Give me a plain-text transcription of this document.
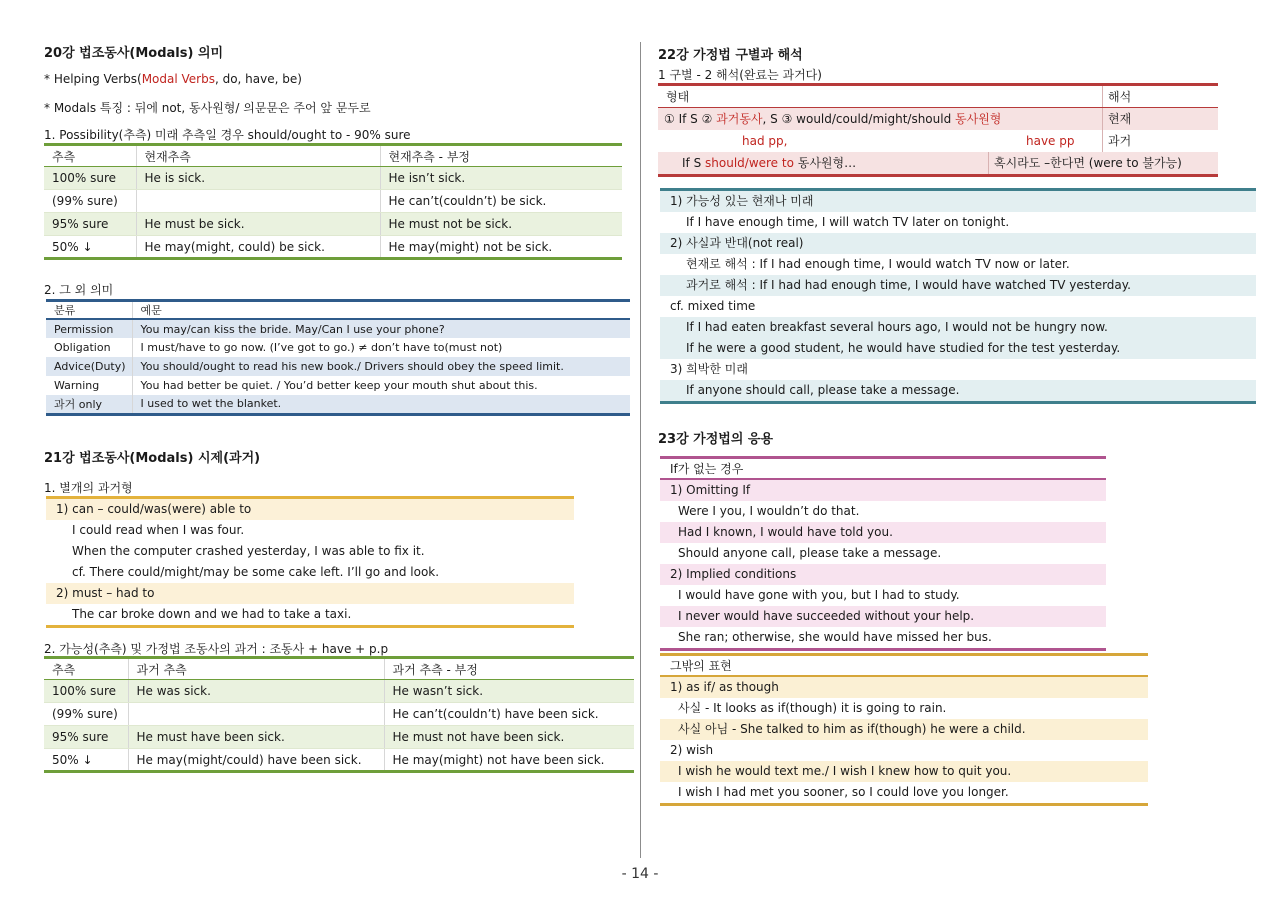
20강 법조동사(Modals) 의미
* Helping Verbs(Modal Verbs, do, have, be)
* Modals 특징 : 뒤에 not, 동사원형/ 의문문은 주어 앞 문두로
1. Possibility(추측) 미래 추측일 경우 should/ought to - 90% sure
추측	현재추측	현재추측 - 부정
100% sure	He is sick.	He isn’t sick.
(99% sure)		He can’t(couldn’t) be sick.
95% sure	He must be sick.	He must not be sick.
50% ↓	He may(might, could) be sick.	He may(might) not be sick.
2. 그 외 의미
분류	예문
Permission	You may/can kiss the bride. May/Can I use your phone?
Obligation	I must/have to go now. (I’ve got to go.) ≠ don’t have to(must not)
Advice(Duty)	You should/ought to read his new book./ Drivers should obey the speed limit.
Warning	You had better be quiet. / You’d better keep your mouth shut about this.
과거 only	I used to wet the blanket.
21강 법조동사(Modals) 시제(과거)
1. 별개의 과거형
1) can – could/was(were) able to
I could read when I was four.
When the computer crashed yesterday, I was able to fix it.
cf. There could/might/may be some cake left. I’ll go and look.
2) must – had to
The car broke down and we had to take a taxi.
2. 가능성(추측) 및 가정법 조동사의 과거 : 조동사 + have + p.p
추측	과거 추측	과거 추측 - 부정
100% sure	He was sick.	He wasn’t sick.
(99% sure)		He can’t(couldn’t) have been sick.
95% sure	He must have been sick.	He must not have been sick.
50% ↓	He may(might/could) have been sick.	He may(might) not have been sick.
22강 가정법 구별과 해석
1 구별 - 2 해석(완료는 과거다)
형태	해석
① If S ② 과거동사, S ③ would/could/might/should 동사원형	현재
had pp,	have pp	과거
If S should/were to 동사원형…	혹시라도 –한다면 (were to 불가능)
1) 가능성 있는 현재나 미래
If I have enough time, I will watch TV later on tonight.
2) 사실과 반대(not real)
현재로 해석 : If I had enough time, I would watch TV now or later.
과거로 해석 : If I had had enough time, I would have watched TV yesterday.
cf. mixed time
If I had eaten breakfast several hours ago, I would not be hungry now.
If he were a good student, he would have studied for the test yesterday.
3) 희박한 미래
If anyone should call, please take a message.
23강 가정법의 응용
If가 없는 경우
1) Omitting If
Were I you, I wouldn’t do that.
Had I known, I would have told you.
Should anyone call, please take a message.
2) Implied conditions
I would have gone with you, but I had to study.
I never would have succeeded without your help.
She ran; otherwise, she would have missed her bus.
그밖의 표현
1) as if/ as though
사실 - It looks as if(though) it is going to rain.
사실 아님 - She talked to him as if(though) he were a child.
2) wish
I wish he would text me./ I wish I knew how to quit you.
I wish I had met you sooner, so I could love you longer.
- 14 -
